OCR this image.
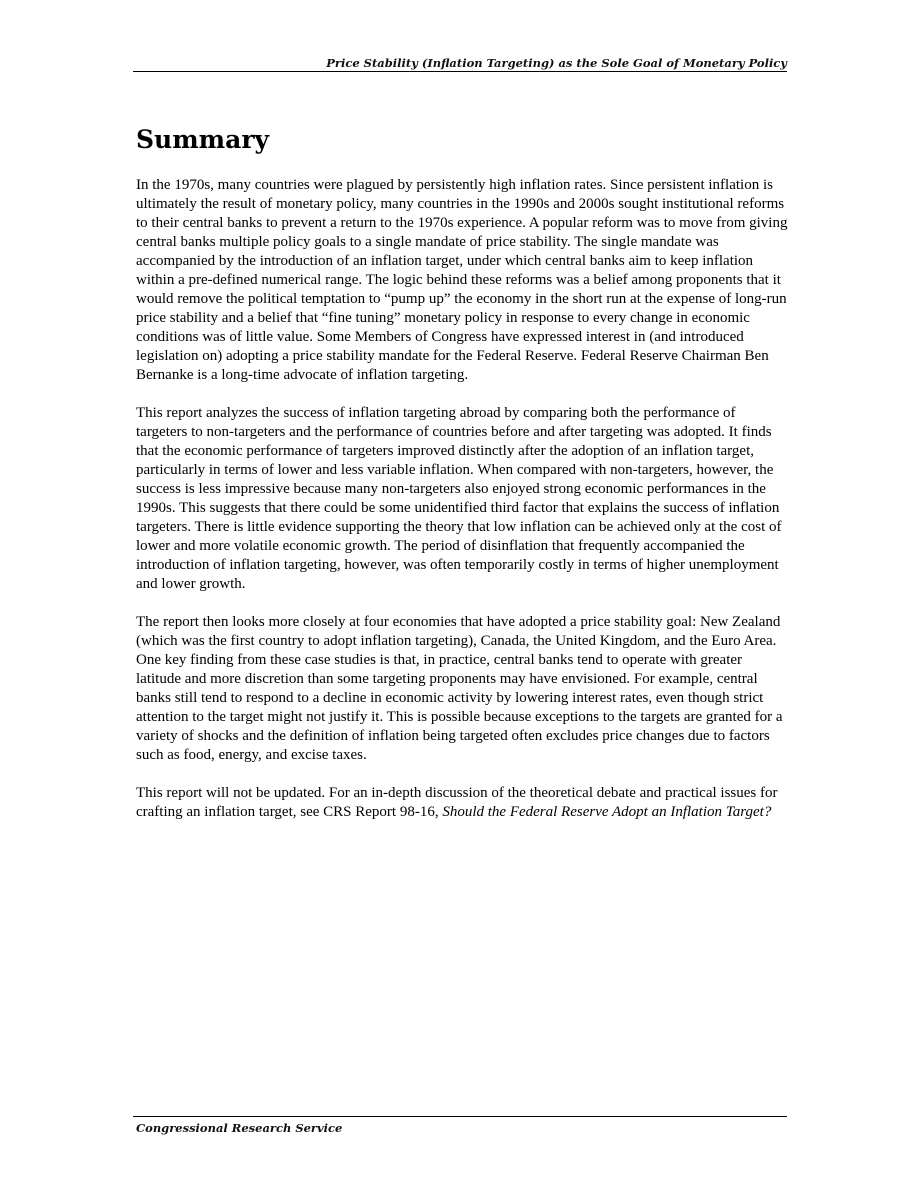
Price Stability (Inflation Targeting) as the Sole Goal of Monetary Policy
Summary

In the 1970s, many countries were plagued by persistently high inflation rates. Since persistent inflation is ultimately the result of monetary policy, many countries in the 1990s and 2000s sought institutional reforms to their central banks to prevent a return to the 1970s experience. A popular reform was to move from giving central banks multiple policy goals to a single mandate of price stability. The single mandate was accompanied by the introduction of an inflation target, under which central banks aim to keep inflation within a pre-defined numerical range. The logic behind these reforms was a belief among proponents that it would remove the political temptation to “pump up” the economy in the short run at the expense of long-run price stability and a belief that “fine tuning” monetary policy in response to every change in economic conditions was of little value. Some Members of Congress have expressed interest in (and introduced legislation on) adopting a price stability mandate for the Federal Reserve. Federal Reserve Chairman Ben Bernanke is a long-time advocate of inflation targeting.

This report analyzes the success of inflation targeting abroad by comparing both the performance of targeters to non-targeters and the performance of countries before and after targeting was adopted. It finds that the economic performance of targeters improved distinctly after the adoption of an inflation target, particularly in terms of lower and less variable inflation. When compared with non-targeters, however, the success is less impressive because many non-targeters also enjoyed strong economic performances in the 1990s. This suggests that there could be some unidentified third factor that explains the success of inflation targeters. There is little evidence supporting the theory that low inflation can be achieved only at the cost of lower and more volatile economic growth. The period of disinflation that frequently accompanied the introduction of inflation targeting, however, was often temporarily costly in terms of higher unemployment and lower growth.

The report then looks more closely at four economies that have adopted a price stability goal: New Zealand (which was the first country to adopt inflation targeting), Canada, the United Kingdom, and the Euro Area. One key finding from these case studies is that, in practice, central banks tend to operate with greater latitude and more discretion than some targeting proponents may have envisioned. For example, central banks still tend to respond to a decline in economic activity by lowering interest rates, even though strict attention to the target might not justify it. This is possible because exceptions to the targets are granted for a variety of shocks and the definition of inflation being targeted often excludes price changes due to factors such as food, energy, and excise taxes.

This report will not be updated. For an in-depth discussion of the theoretical debate and practical issues for crafting an inflation target, see CRS Report 98-16, Should the Federal Reserve Adopt an Inflation Target?

Congressional Research Service
